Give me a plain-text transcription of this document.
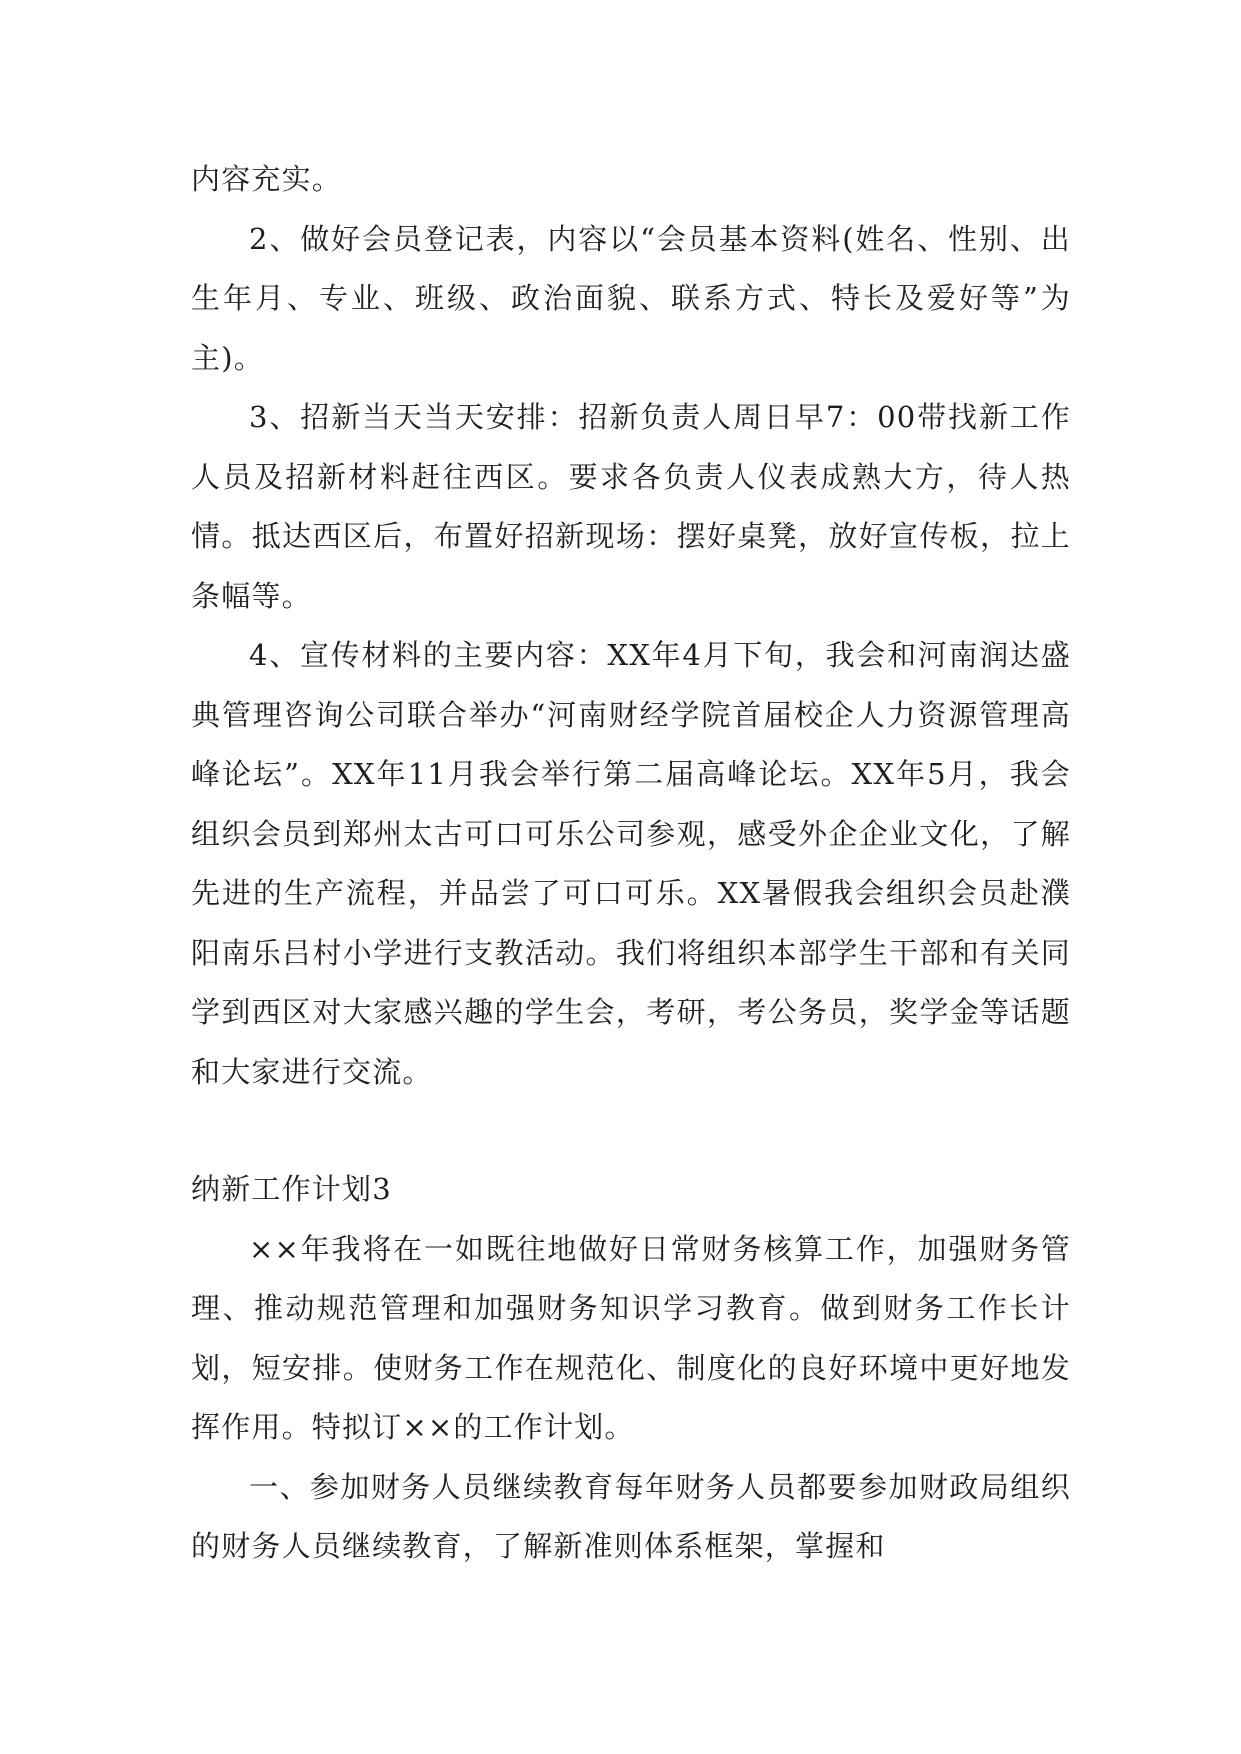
内容充实。

2、做好会员登记表，内容以“会员基本资料(姓名、性别、出生年月、专业、班级、政治面貌、联系方式、特长及爱好等”为主)。

3、招新当天当天安排：招新负责人周日早7：00带找新工作人员及招新材料赶往西区。要求各负责人仪表成熟大方，待人热情。抵达西区后，布置好招新现场：摆好桌凳，放好宣传板，拉上条幅等。

4、宣传材料的主要内容：XX年4月下旬，我会和河南润达盛典管理咨询公司联合举办“河南财经学院首届校企人力资源管理高峰论坛”。XX年11月我会举行第二届高峰论坛。XX年5月，我会组织会员到郑州太古可口可乐公司参观，感受外企企业文化，了解先进的生产流程，并品尝了可口可乐。XX暑假我会组织会员赴濮阳南乐吕村小学进行支教活动。我们将组织本部学生干部和有关同学到西区对大家感兴趣的学生会，考研，考公务员，奖学金等话题和大家进行交流。

纳新工作计划3

××年我将在一如既往地做好日常财务核算工作，加强财务管理、推动规范管理和加强财务知识学习教育。做到财务工作长计划，短安排。使财务工作在规范化、制度化的良好环境中更好地发挥作用。特拟订××的工作计划。

一、参加财务人员继续教育每年财务人员都要参加财政局组织的财务人员继续教育，了解新准则体系框架，掌握和
